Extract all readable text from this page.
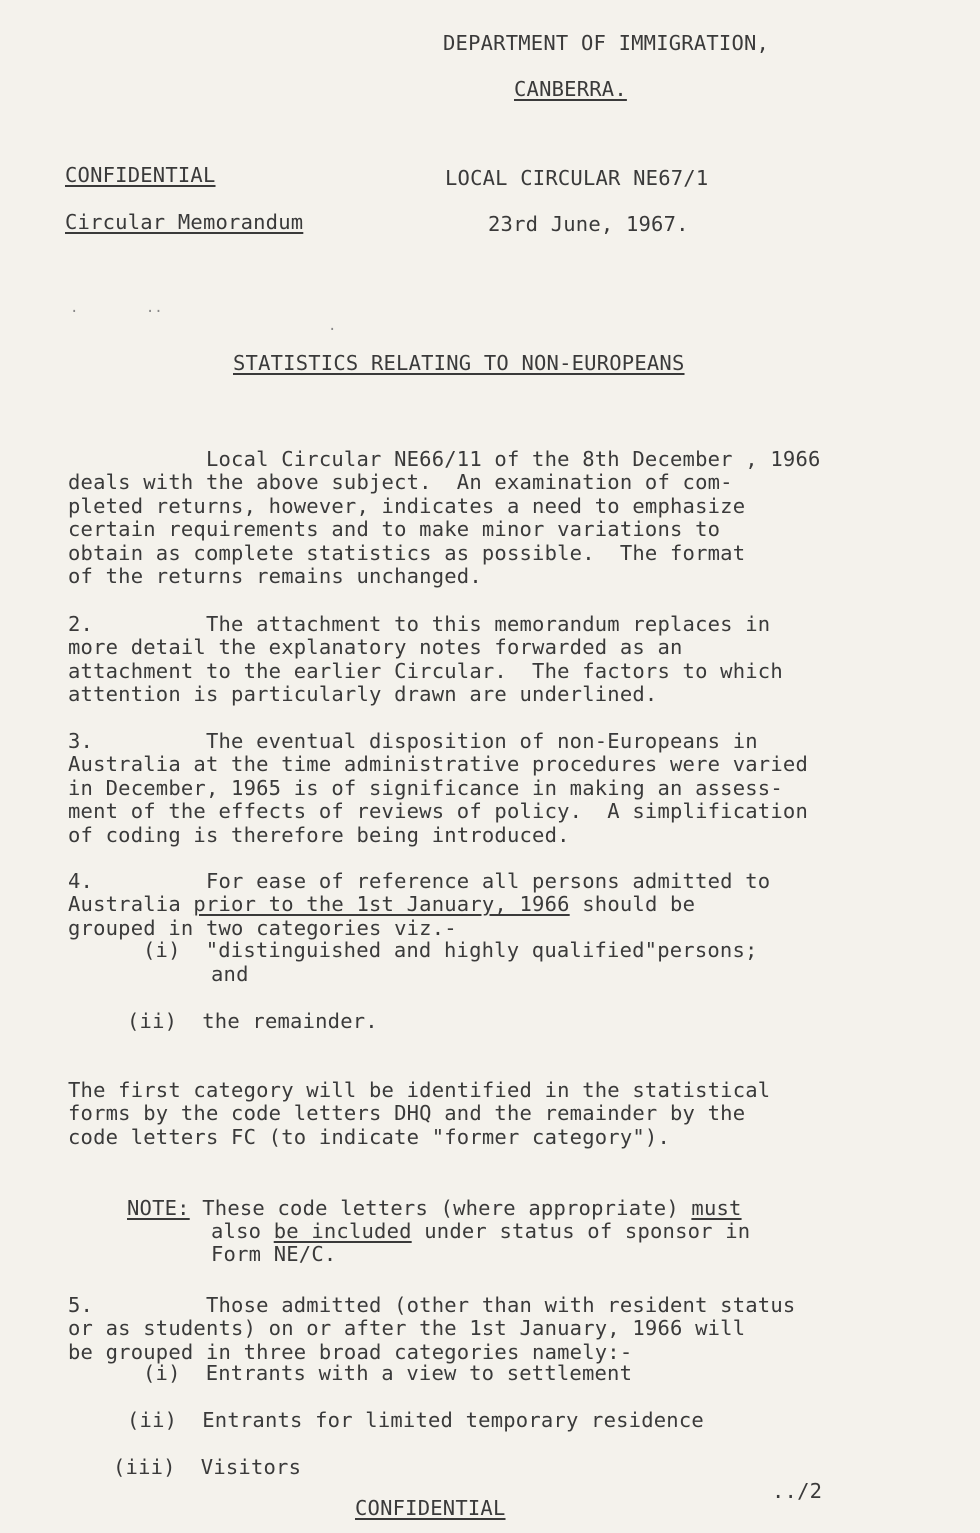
DEPARTMENT OF IMMIGRATION,
CANBERRA.
CONFIDENTIAL	LOCAL CIRCULAR NE67/1
Circular Memorandum	23rd June, 1967.
.        ..
.
STATISTICS RELATING TO NON-EUROPEANS

Local Circular NE66/11 of the 8th December , 1966
deals with the above subject.  An examination of com-
pleted returns, however, indicates a need to emphasize
certain requirements and to make minor variations to
obtain as complete statistics as possible.  The format
of the returns remains unchanged.

2.         The attachment to this memorandum replaces in
more detail the explanatory notes forwarded as an
attachment to the earlier Circular.  The factors to which
attention is particularly drawn are underlined.

3.         The eventual disposition of non-Europeans in
Australia at the time administrative procedures were varied
in December, 1965 is of significance in making an assess-
ment of the effects of reviews of policy.  A simplification
of coding is therefore being introduced.

4.         For ease of reference all persons admitted to
Australia prior to the 1st January, 1966 should be
grouped in two categories viz.-

(i)  "distinguished and highly qualified"persons;
and
(ii)  the remainder.

The first category will be identified in the statistical
forms by the code letters DHQ and the remainder by the
code letters FC (to indicate "former category").

NOTE: These code letters (where appropriate) must

also be included under status of sponsor in
Form NE/C.

5.         Those admitted (other than with resident status
or as students) on or after the 1st January, 1966 will
be grouped in three broad categories namely:-

(i)  Entrants with a view to settlement
(ii)  Entrants for limited temporary residence
(iii)  Visitors
../2
CONFIDENTIAL
